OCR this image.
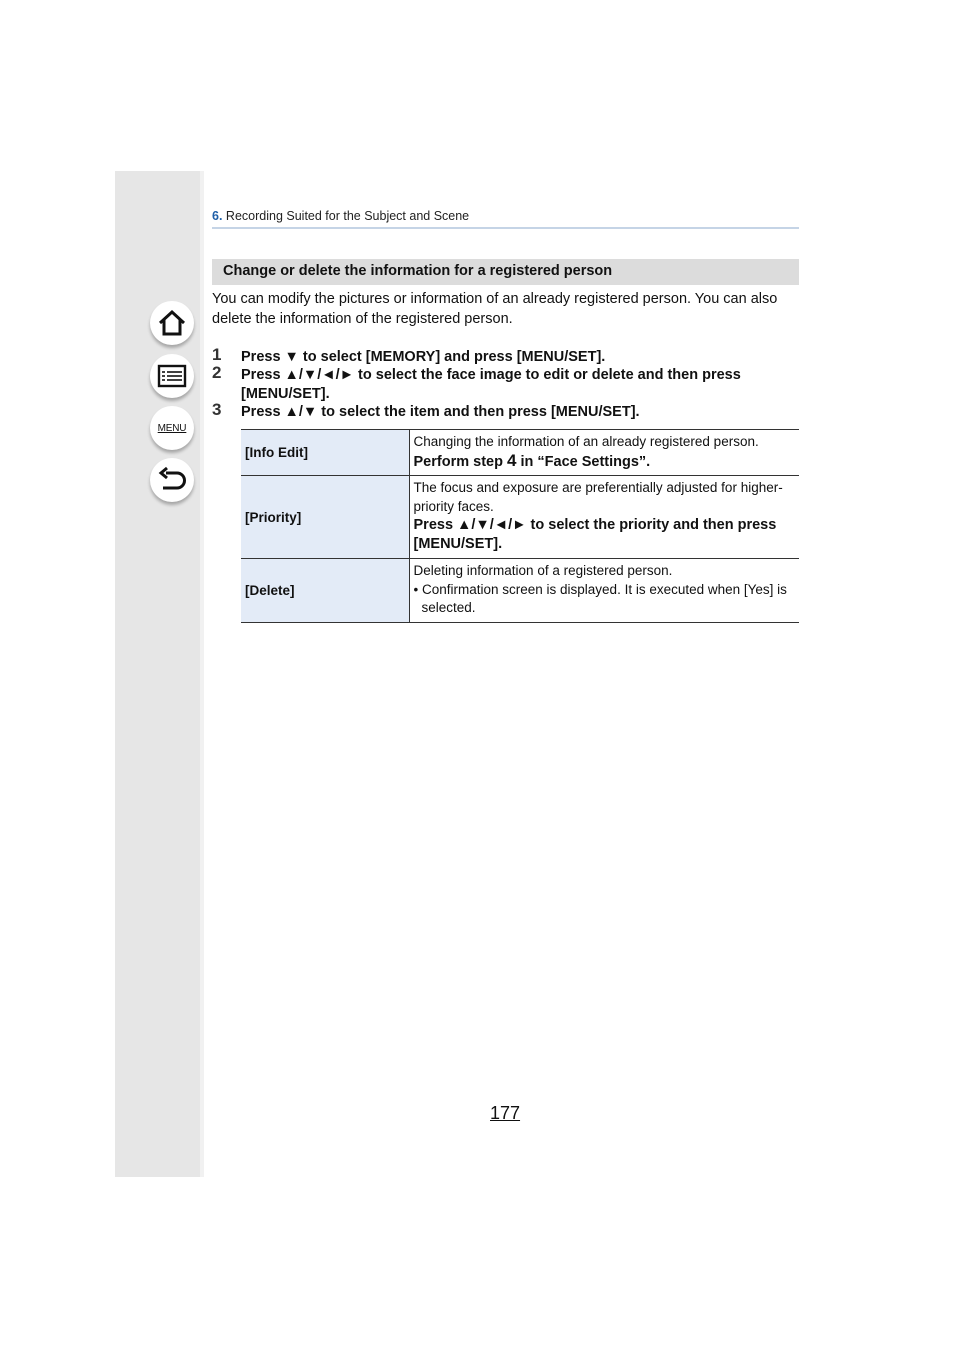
MENU
6. Recording Suited for the Subject and Scene
Change or delete the information for a registered person
You can modify the pictures or information of an already registered person. You can also delete the information of the registered person.
1 Press ▼ to select [MEMORY] and press [MENU/SET].
2 Press ▲/▼/◄/► to select the face image to edit or delete and then press [MENU/SET].
3 Press ▲/▼ to select the item and then press [MENU/SET].
[Info Edit]	Changing the information of an already registered person.
Perform step 4 in “Face Settings”.

[Priority]	The focus and exposure are preferentially adjusted for higher-priority faces.
Press ▲/▼/◄/► to select the priority and then press [MENU/SET].

[Delete]	Deleting information of a registered person.
• Confirmation screen is displayed. It is executed when [Yes] is selected.
177
